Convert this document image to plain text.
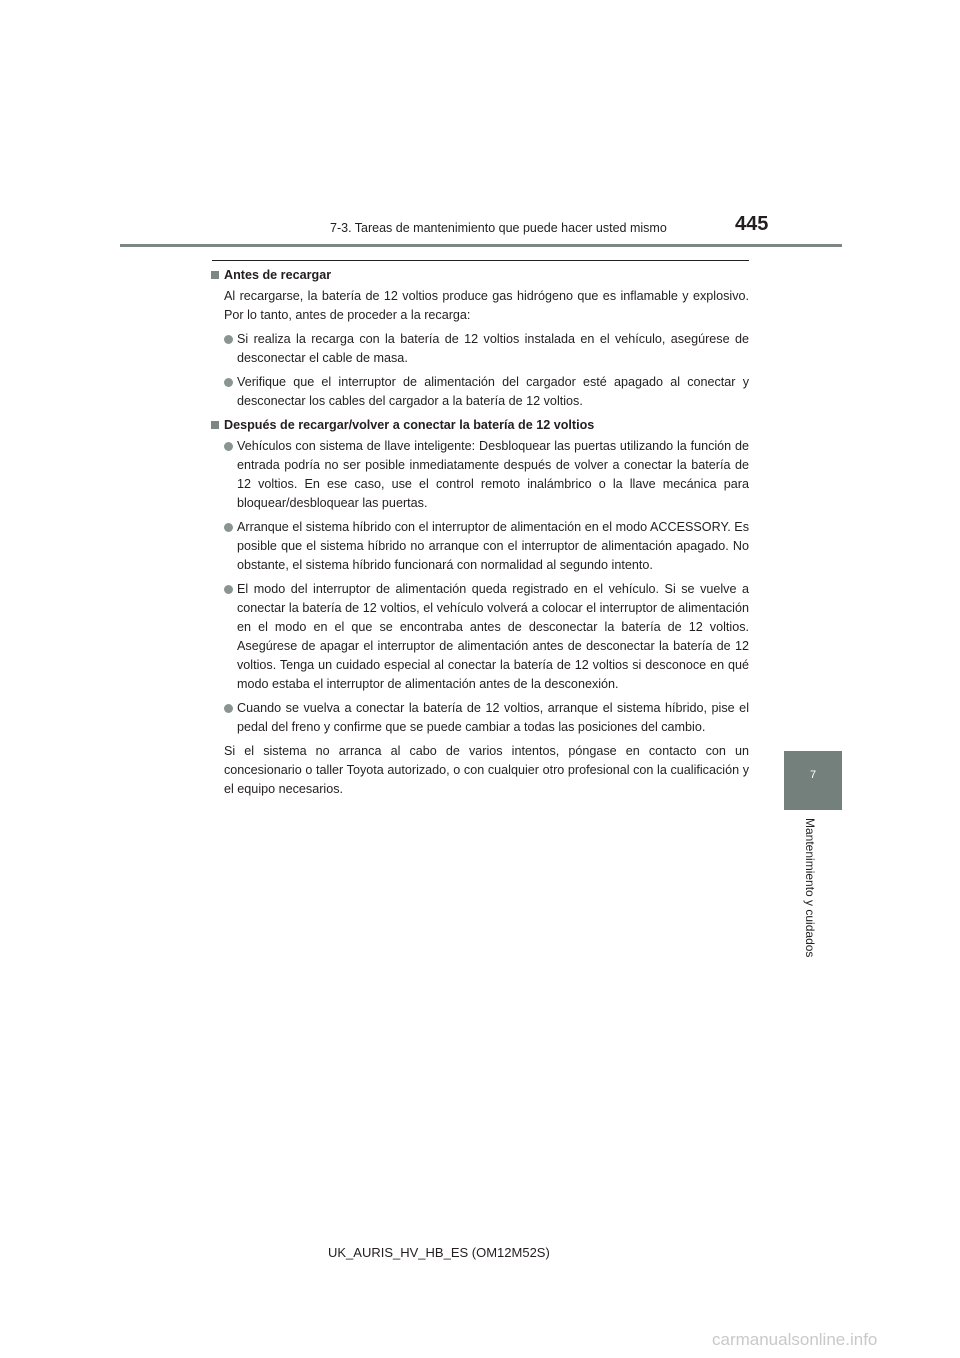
7-3. Tareas de mantenimiento que puede hacer usted mismo	445
7
Mantenimiento y cuidados
Antes de recargar

Al recargarse, la batería de 12 voltios produce gas hidrógeno que es inflamable y explosivo. Por lo tanto, antes de proceder a la recarga:

Si realiza la recarga con la batería de 12 voltios instalada en el vehículo, asegúrese de desconectar el cable de masa.
Verifique que el interruptor de alimentación del cargador esté apagado al conectar y desconectar los cables del cargador a la batería de 12 voltios.
Después de recargar/volver a conectar la batería de 12 voltios
Vehículos con sistema de llave inteligente: Desbloquear las puertas utilizando la función de entrada podría no ser posible inmediatamente después de volver a conectar la batería de 12 voltios. En ese caso, use el control remoto inalámbrico o la llave mecánica para bloquear/desbloquear las puertas.
Arranque el sistema híbrido con el interruptor de alimentación en el modo ACCESSORY. Es posible que el sistema híbrido no arranque con el interruptor de alimentación apagado. No obstante, el sistema híbrido funcionará con normalidad al segundo intento.
El modo del interruptor de alimentación queda registrado en el vehículo. Si se vuelve a conectar la batería de 12 voltios, el vehículo volverá a colocar el interruptor de alimentación en el modo en el que se encontraba antes de desconectar la batería de 12 voltios. Asegúrese de apagar el interruptor de alimentación antes de desconectar la batería de 12 voltios. Tenga un cuidado especial al conectar la batería de 12 voltios si desconoce en qué modo estaba el interruptor de alimentación antes de la desconexión.
Cuando se vuelva a conectar la batería de 12 voltios, arranque el sistema híbrido, pise el pedal del freno y confirme que se puede cambiar a todas las posiciones del cambio.

Si el sistema no arranca al cabo de varios intentos, póngase en contacto con un concesionario o taller Toyota autorizado, o con cualquier otro profesional con la cualificación y el equipo necesarios.

UK_AURIS_HV_HB_ES (OM12M52S)
carmanualsonline.info
